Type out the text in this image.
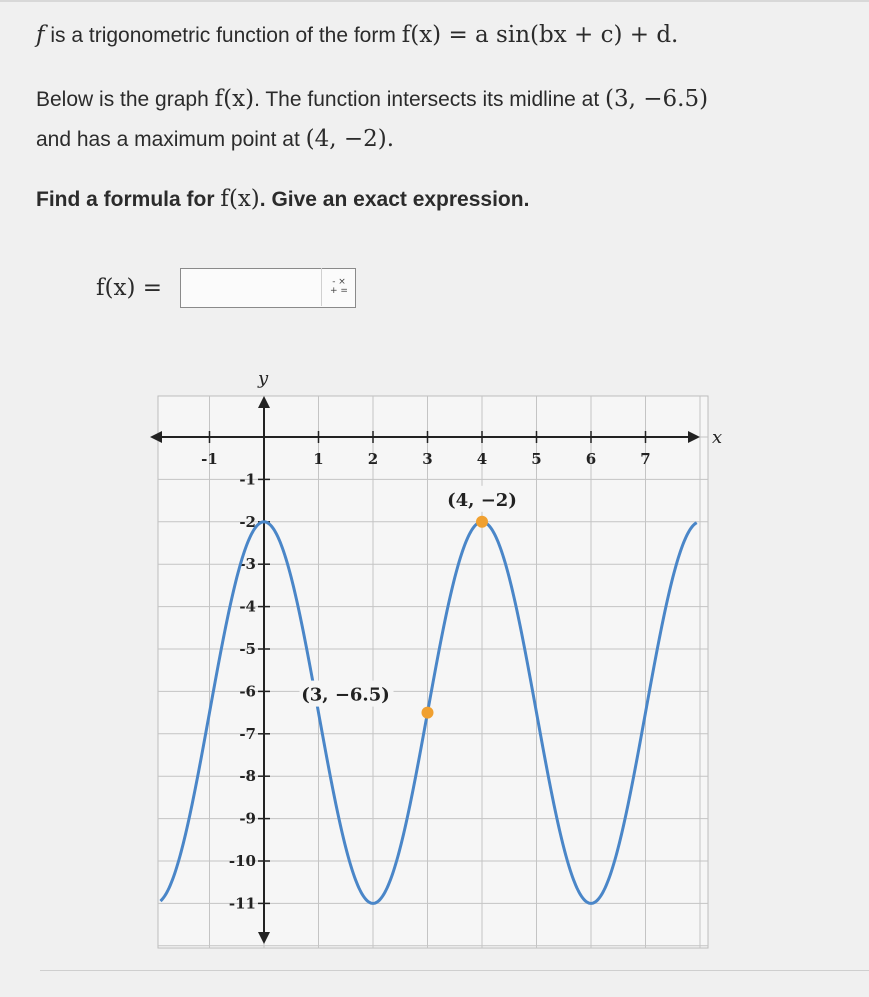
f is a trigonometric function of the form f(x) = a sin(bx + c) + d.
Below is the graph f(x). The function intersects its midline at (3, −6.5)
and has a maximum point at (4, −2).
Find a formula for f(x). Give an exact expression.
f(x) =	- ×
+ =
x
y
-1	1	2	3	4	5	6	7
-1
-2
-3
-4
-5
-6
-7
-8
-9
-10
-11
(4, −2)
(3, −6.5)
